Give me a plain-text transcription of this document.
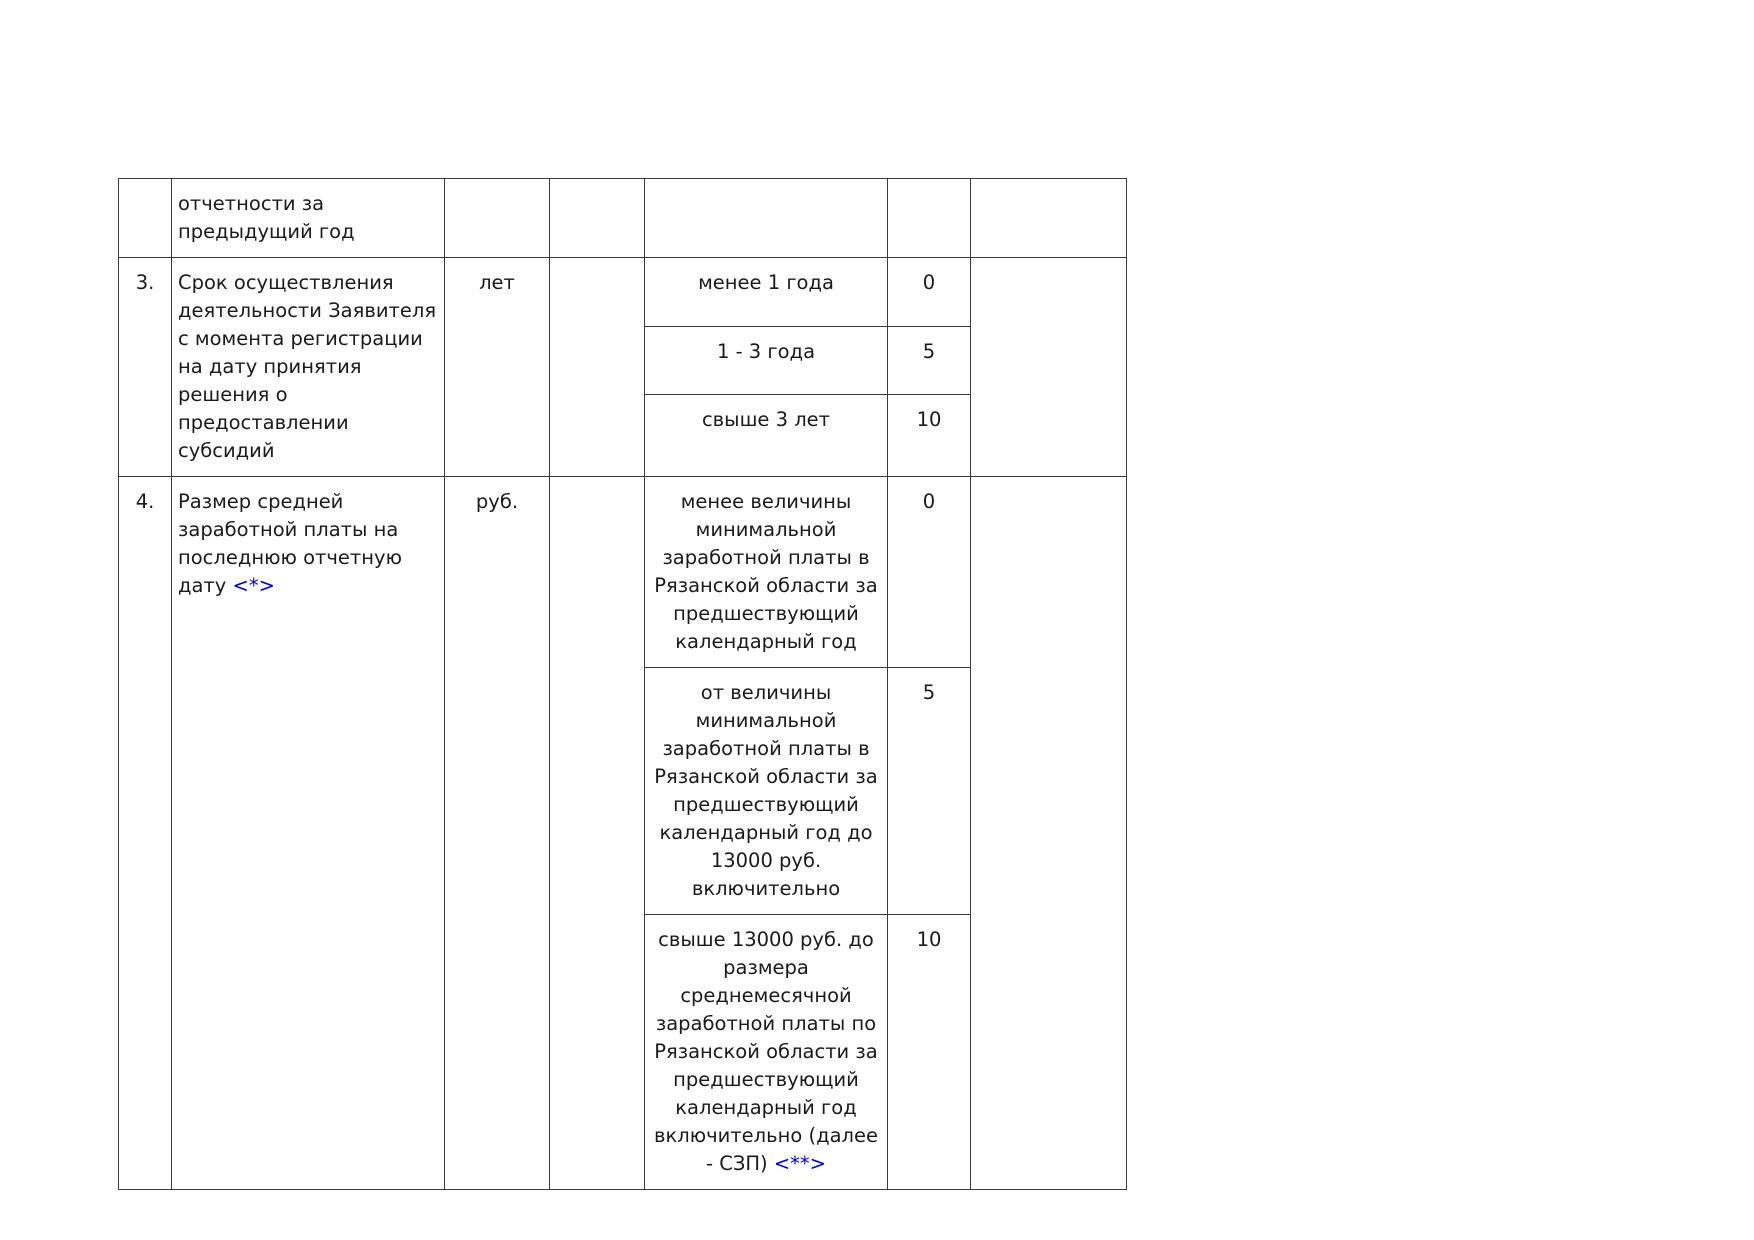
	отчетности за предыдущий год					
3.	Срок осуществления деятельности Заявителя с момента регистрации на дату принятия решения о предоставлении субсидий	лет		менее 1 года	0	
				1 - 3 года	5	
				свыше 3 лет	10	
4.	Размер средней заработной платы на последнюю отчетную дату <*>	руб.		менее величины минимальной заработной платы в Рязанской области за предшествующий календарный год	0	
				от величины минимальной заработной платы в Рязанской области за предшествующий календарный год до 13000 руб. включительно	5	
				свыше 13000 руб. до размера среднемесячной заработной платы по Рязанской области за предшествующий календарный год включительно (далее - СЗП) <**>	10	
